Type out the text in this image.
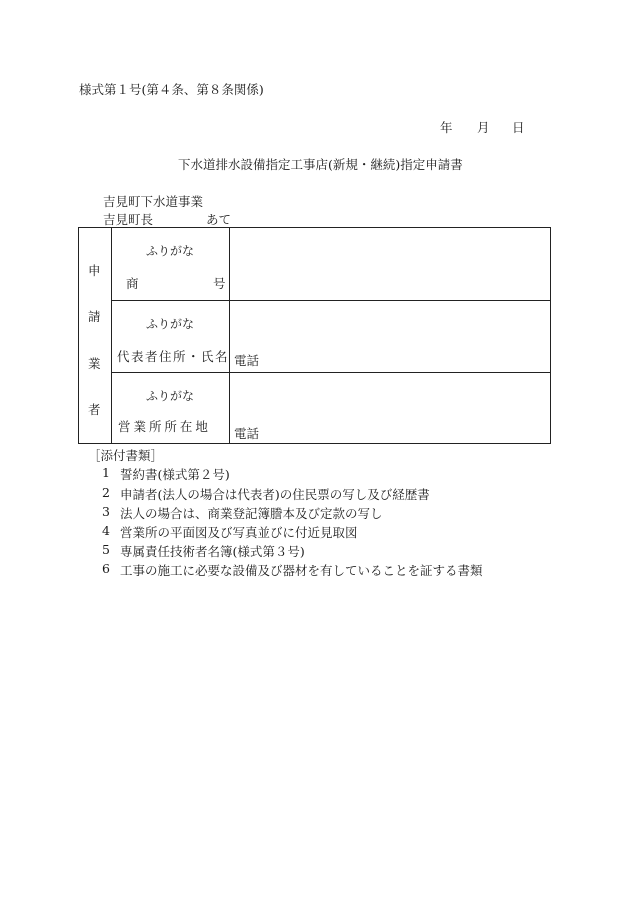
様式第１号(第４条、第８条関係)
年 月 日
下水道排水設備指定工事店(新規・継続)指定申請書
吉見町下水道事業
吉見町長	あて
申
請
業
者
ふりがな
商	号
ふりがな
代表者住所・氏名 電話
ふりがな
営 業 所 所 在 地 電話
［添付書類］
1 誓約書(様式第２号)
2 申請者(法人の場合は代表者)の住民票の写し及び経歴書
3 法人の場合は、商業登記簿謄本及び定款の写し
4 営業所の平面図及び写真並びに付近見取図
5 専属責任技術者名簿(様式第３号)
6 工事の施工に必要な設備及び器材を有していることを証する書類
